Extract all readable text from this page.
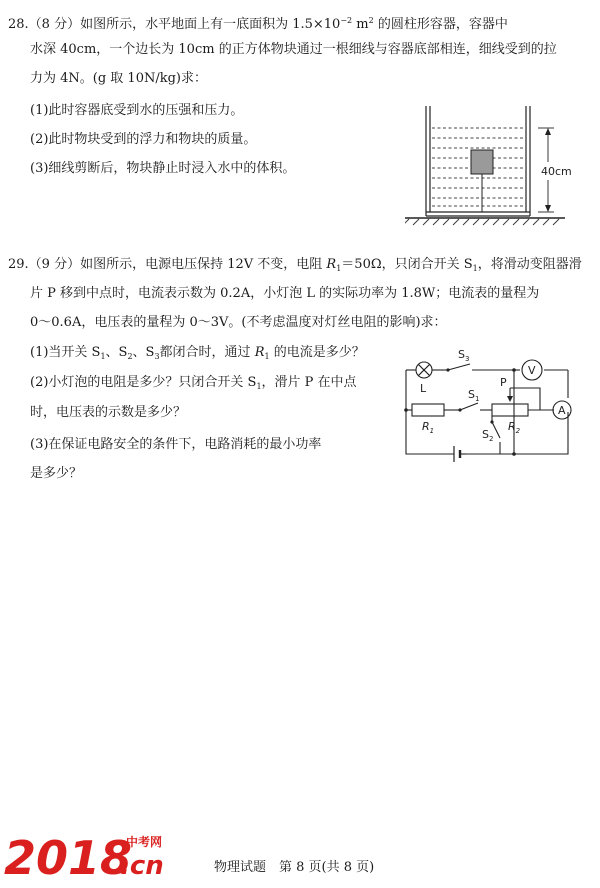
28.（8 分）如图所示，水平地面上有一底面积为 $1.5\times 10^{-2}$ $m^2$ 的圆柱形容器，容器中
水深 40cm，一个边长为 10cm 的正方体物块通过一根细线与容器底部相连，细线受到的拉
力为 4N。(g 取 10N/kg)求：
(1)此时容器底受到水的压强和压力。
(2)此时物块受到的浮力和物块的质量。
(3)细线剪断后，物块静止时浸入水中的体积。	40cm
29.（9 分）如图所示，电源电压保持 12V 不变，电阻 $R_1=50\Omega$，只闭合开关 $S_1$，将滑动变阻器滑
片 P 移到中点时，电流表示数为 0.2A，小灯泡 L 的实际功率为 1.8W；电流表的量程为
0～0.6A，电压表的量程为 0～3V。(不考虑温度对灯丝电阻的影响)求：
(1)当开关 $S_1$、$S_2$、$S_3$都闭合时，通过 $R_1$ 的电流是多少？
(2)小灯泡的电阻是多少？只闭合开关 $S_1$，滑片 P 在中点
时，电压表的示数是多少？
(3)在保证电路安全的条件下，电路消耗的最小功率
是多少？
$S_3$
V
L	$S_1$
P
A
$R_1$	$S_2$
$R_2$
2018
.cn
中考网
物理试题　第 8 页(共 8 页)
